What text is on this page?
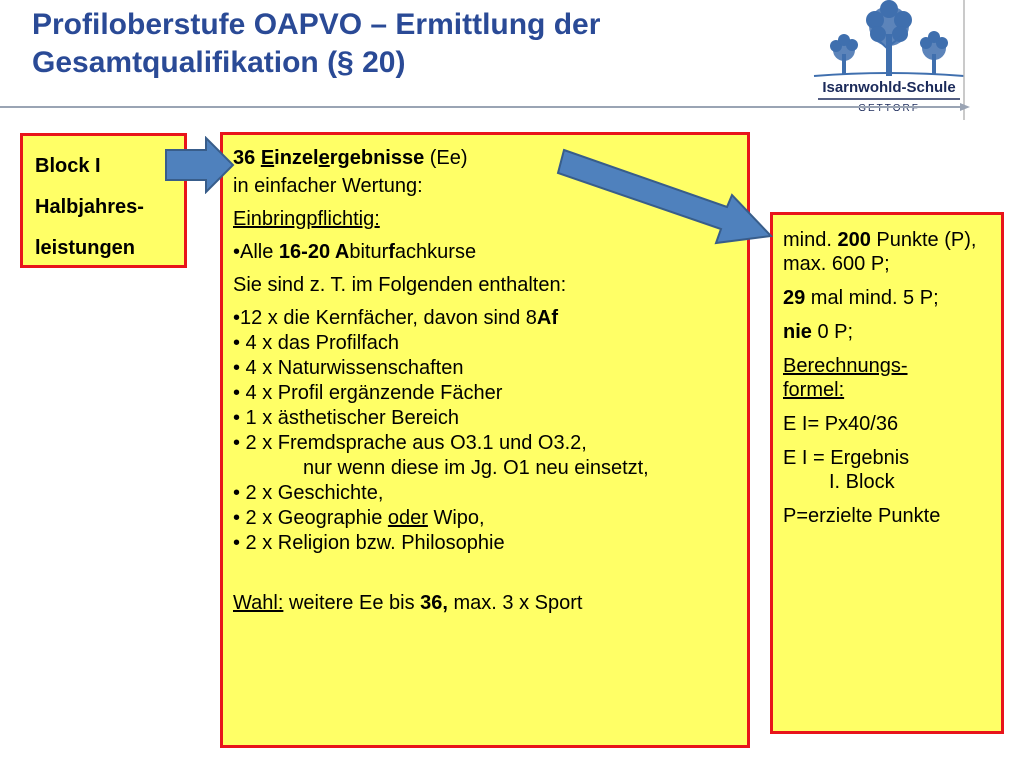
Profiloberstufe OAPVO – Ermittlung der
Gesamtqualifikation (§ 20)
Isarnwohld-Schule
GETTORF
Block I
Halbjahres-
leistungen

36 Einzelergebnisse (Ee)

in einfacher Wertung:

Einbringpflichtig:

•Alle 16-20 Abiturfachkurse

Sie sind z. T. im Folgenden enthalten:

•12 x die Kernfächer, davon sind 8Af

• 4 x das Profilfach

• 4 x Naturwissenschaften

• 4 x Profil ergänzende Fächer

• 1 x ästhetischer Bereich

• 2 x Fremdsprache aus O3.1 und O3.2,

nur wenn diese im Jg. O1 neu einsetzt,

• 2 x Geschichte,

• 2 x Geographie oder Wipo,

• 2 x Religion bzw. Philosophie

Wahl: weitere Ee bis 36, max. 3 x Sport

mind. 200 Punkte (P), max. 600 P;

29 mal mind. 5 P;

nie 0 P;

Berechnungs-

formel:

E I= Px40/36

E I = Ergebnis

I. Block

P=erzielte Punkte
